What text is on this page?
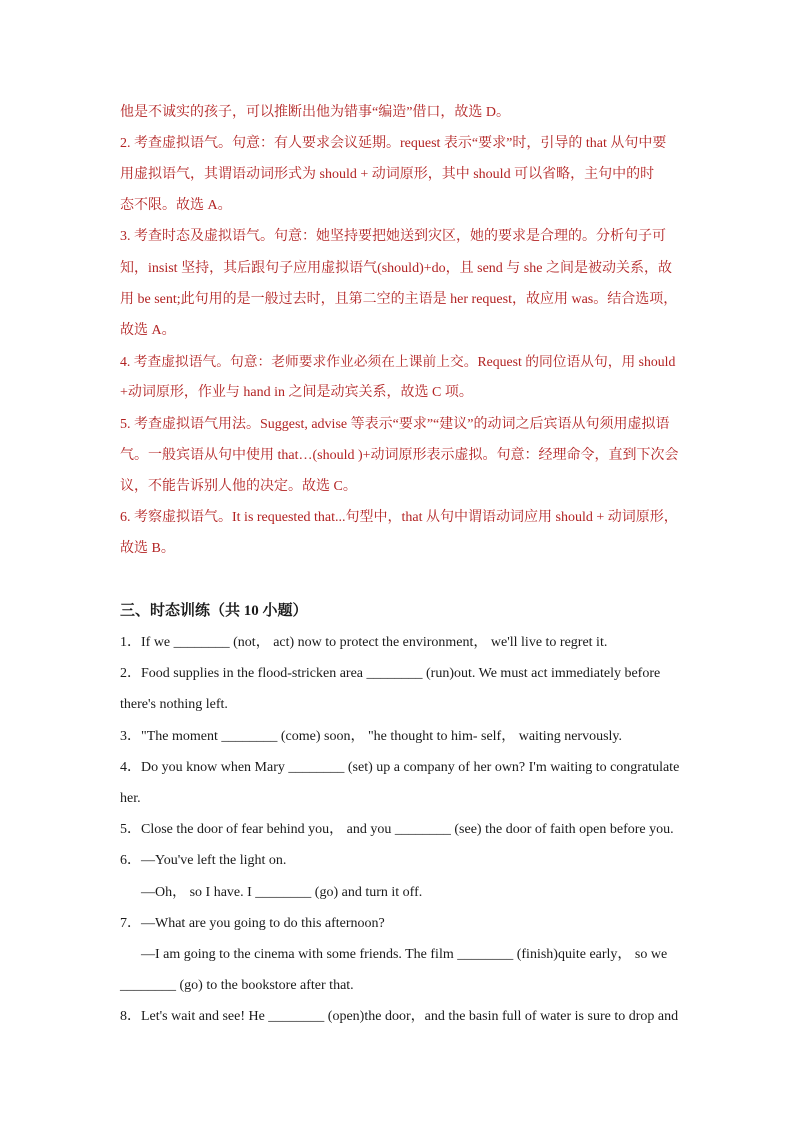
他是不诚实的孩子，可以推断出他为错事“编造”借口，故选 D。
2. 考查虚拟语气。句意：有人要求会议延期。request 表示“要求”时，引导的 that 从句中要
用虚拟语气，其谓语动词形式为 should + 动词原形，其中 should 可以省略，主句中的时
态不限。故选 A。
3. 考查时态及虚拟语气。句意：她坚持要把她送到灾区，她的要求是合理的。分析句子可
知，insist 坚持，其后跟句子应用虚拟语气(should)+do，且 send 与 she 之间是被动关系，故
用 be sent;此句用的是一般过去时，且第二空的主语是 her request，故应用 was。结合选项，
故选 A。
4. 考查虚拟语气。句意：老师要求作业必须在上课前上交。Request 的同位语从句，用 should
+动词原形，作业与 hand in 之间是动宾关系，故选 C 项。
5. 考查虚拟语气用法。Suggest, advise 等表示“要求”“建议”的动词之后宾语从句须用虚拟语
气。一般宾语从句中使用 that…(should )+动词原形表示虚拟。句意：经理命令，直到下次会
议，不能告诉别人他的决定。故选 C。
6. 考察虚拟语气。It is requested that...句型中，that 从句中谓语动词应用 should + 动词原形，
故选 B。
三、时态训练（共 10 小题）
1．If we ________ (not， act) now to protect the environment， we'll live to regret it.
2．Food supplies in the flood-stricken area ________ (run)out. We must act immediately before
there's nothing left.
3．"The moment ________ (come) soon， "he thought to him- self， waiting nervously.
4．Do you know when Mary ________ (set) up a company of her own? I'm waiting to congratulate
her.
5．Close the door of fear behind you， and you ________ (see) the door of faith open before you.
6．—You've left the light on.
—Oh， so I have. I ________ (go) and turn it off.
7．—What are you going to do this afternoon?
—I am going to the cinema with some friends. The film ________ (finish)quite early， so we
________ (go) to the bookstore after that.
8．Let's wait and see! He ________ (open)the door，and the basin full of water is sure to drop and
